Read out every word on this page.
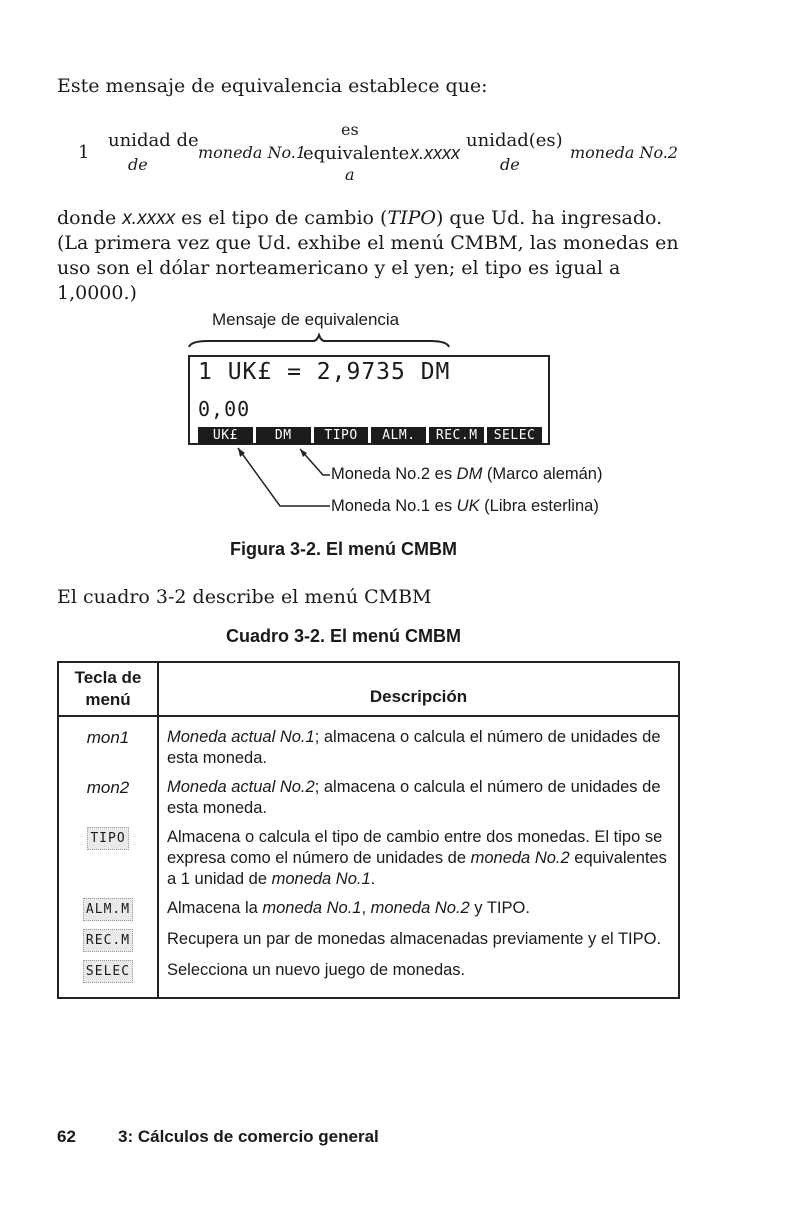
Este mensaje de equivalencia establece que:

1
unidad de
de
moneda No.1
es
equivalente
a
x.xxxx
unidad(es)
de
moneda No.2

donde x.xxxx es el tipo de cambio (TIPO) que Ud. ha ingresado. (La primera vez que Ud. exhibe el menú CMBM, las monedas en uso son el dólar norteamericano y el yen; el tipo es igual a 1,0000.)

Mensaje de equivalencia
1 UK£ = 2,9735 DM
0,00
UK£	DM	TIPO	ALM.	REC.M	SELEC
Moneda No.2 es DM (Marco alemán)
Moneda No.1 es UK (Libra esterlina)
Figura 3-2. El menú CMBM

El cuadro 3-2 describe el menú CMBM

Cuadro 3-2. El menú CMBM
Tecla de menú	Descripción
mon1	Moneda actual No.1; almacena o calcula el número de unidades de esta moneda.
mon2	Moneda actual No.2; almacena o calcula el número de unidades de esta moneda.
TIPO	Almacena o calcula el tipo de cambio entre dos monedas. El tipo se expresa como el número de unidades de moneda No.2 equivalentes a 1 unidad de moneda No.1.
ALM.M	Almacena la moneda No.1, moneda No.2 y TIPO.
REC.M	Recupera un par de monedas almacenadas previamente y el TIPO.
SELEC	Selecciona un nuevo juego de monedas.
62 3: Cálculos de comercio general
